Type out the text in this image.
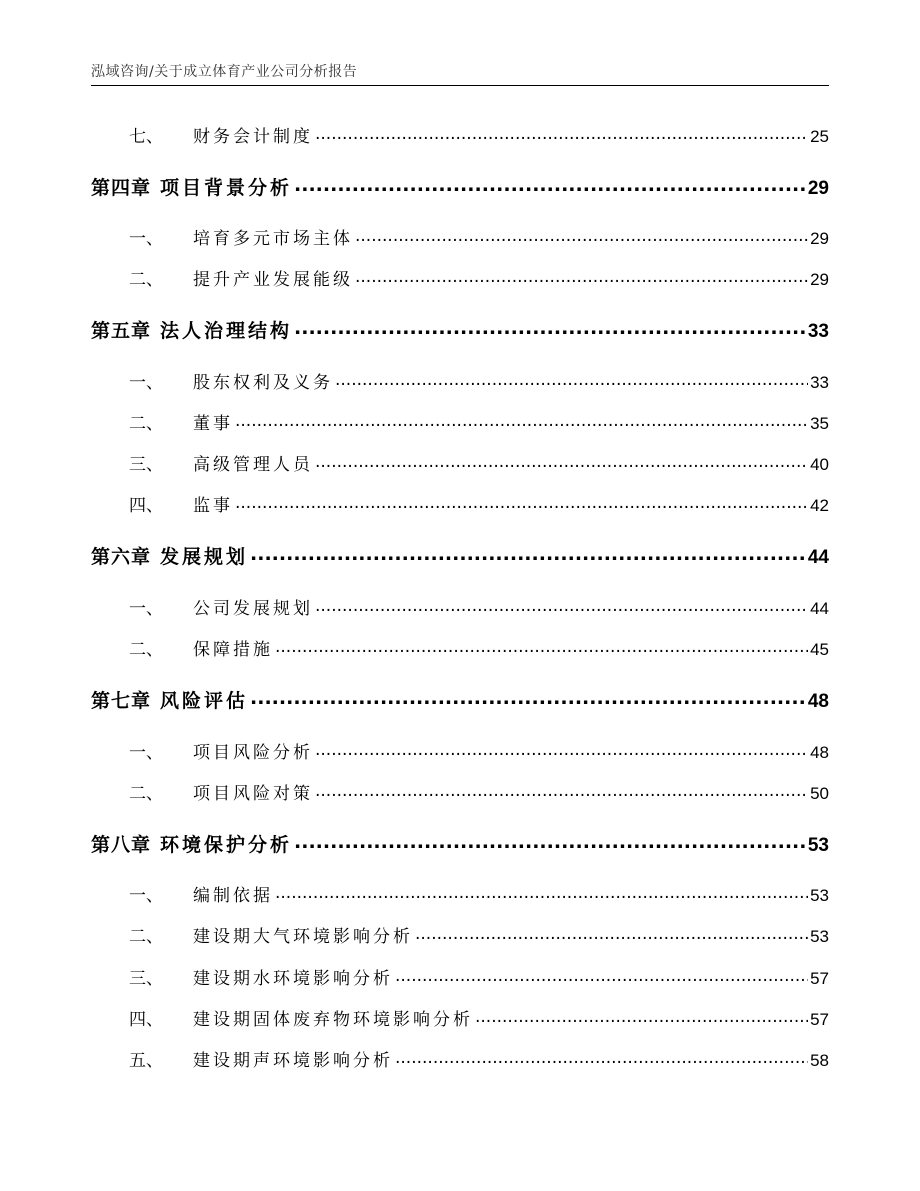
泓域咨询/关于成立体育产业公司分析报告
七、	财务会计制度 .....	25
第四章 项目背景分析 .....	29
一、	培育多元市场主体 .....	29
二、	提升产业发展能级 .....	29
第五章 法人治理结构 .....	33
一、	股东权利及义务 .....	33
二、	董事 .....	35
三、	高级管理人员 .....	40
四、	监事 .....	42
第六章 发展规划 .....	44
一、	公司发展规划 .....	44
二、	保障措施 .....	45
第七章 风险评估 .....	48
一、	项目风险分析 .....	48
二、	项目风险对策 .....	50
第八章 环境保护分析 .....	53
一、	编制依据 .....	53
二、	建设期大气环境影响分析 .....	53
三、	建设期水环境影响分析 .....	57
四、	建设期固体废弃物环境影响分析 .....	57
五、	建设期声环境影响分析 .....	58
